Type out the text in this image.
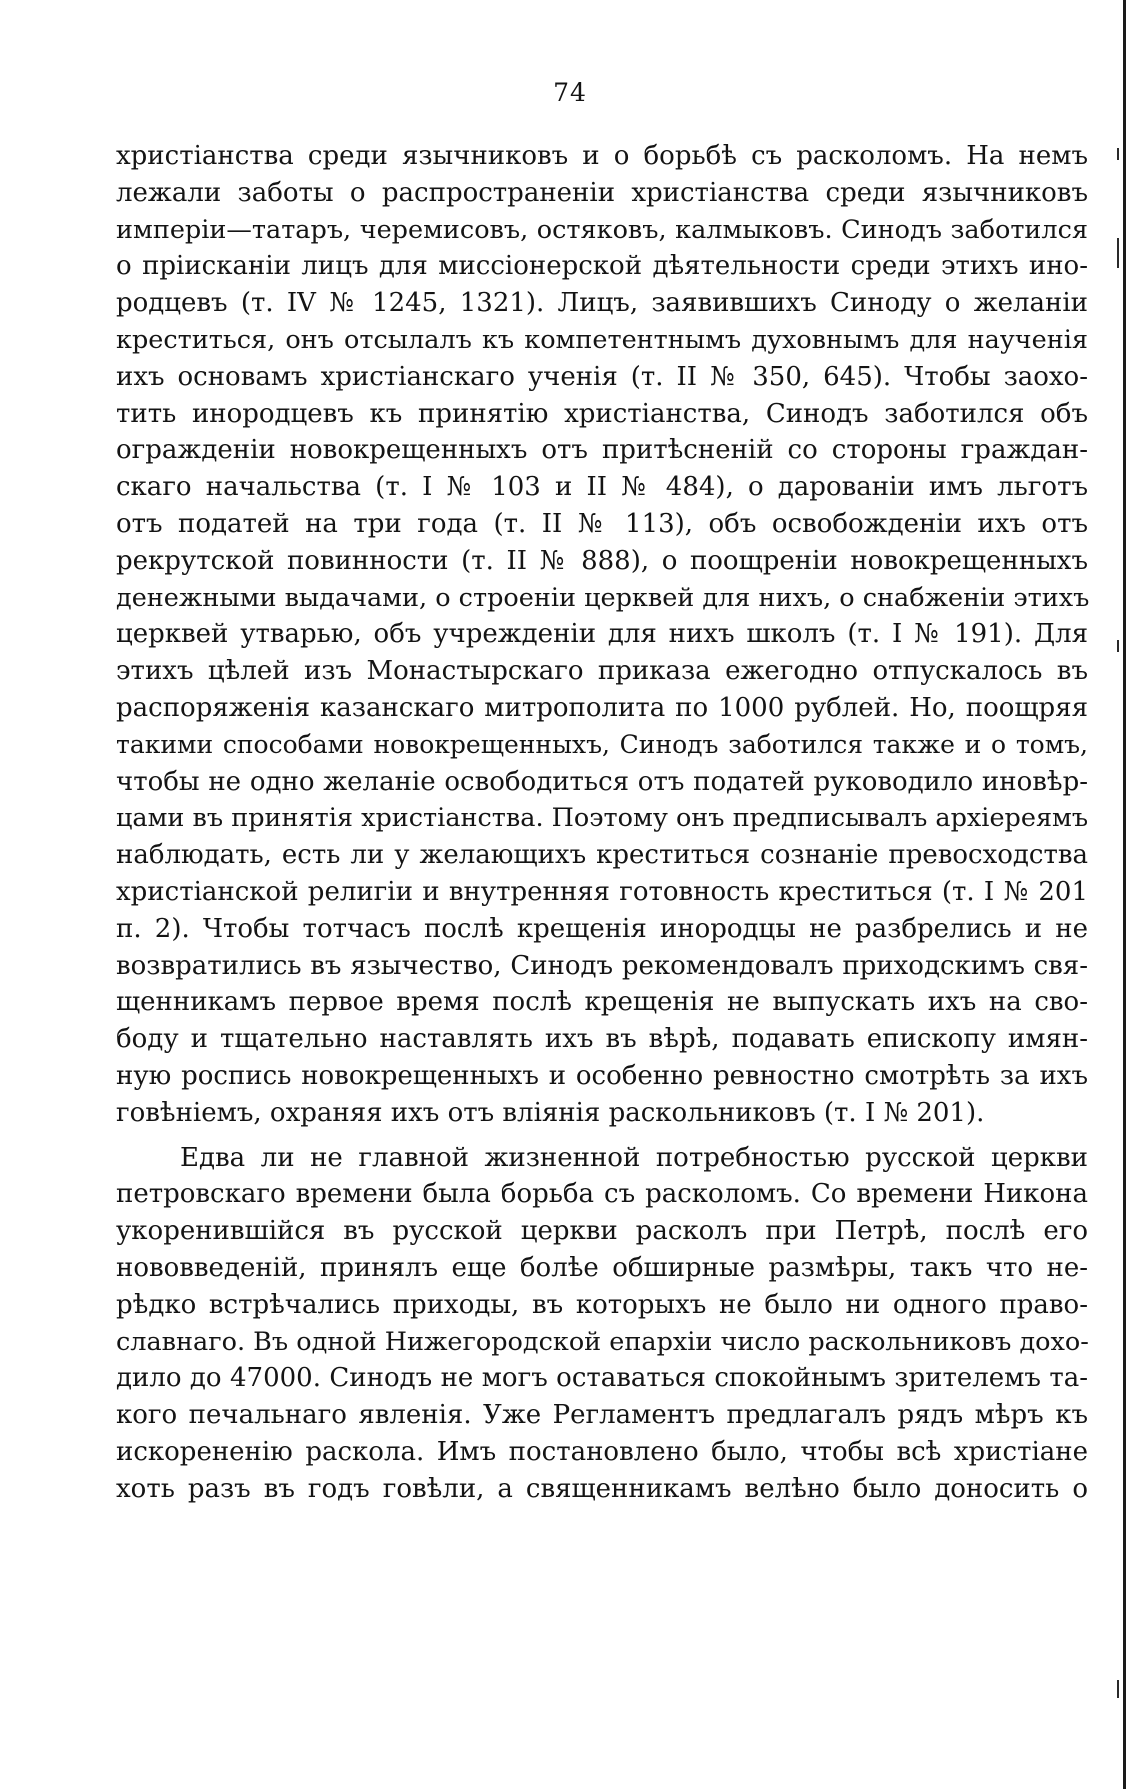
74
христіанства среди язычниковъ и о борьбѣ съ расколомъ. На немъ
лежали заботы о распространеніи христіанства среди язычниковъ
имперіи—татаръ, черемисовъ, остяковъ, калмыковъ. Синодъ заботился
о пріисканіи лицъ для миссіонерской дѣятельности среди этихъ ино-
родцевъ (т. IV № 1245, 1321). Лицъ, заявившихъ Синоду о желаніи
креститься, онъ отсылалъ къ компетентнымъ духовнымъ для наученія
ихъ основамъ христіанскаго ученія (т. II № 350, 645). Чтобы заохо-
тить инородцевъ къ принятію христіанства, Синодъ заботился объ
огражденіи новокрещенныхъ отъ притѣсненій со стороны граждан-
скаго начальства (т. I № 103 и II № 484), о дарованіи имъ льготъ
отъ податей на три года (т. II № 113), объ освобожденіи ихъ отъ
рекрутской повинности (т. II № 888), о поощреніи новокрещенныхъ
денежными выдачами, о строеніи церквей для нихъ, о снабженіи этихъ
церквей утварью, объ учрежденіи для нихъ школъ (т. I № 191). Для
этихъ цѣлей изъ Монастырскаго приказа ежегодно отпускалось въ
распоряженія казанскаго митрополита по 1000 рублей. Но, поощряя
такими способами новокрещенныхъ, Синодъ заботился также и о томъ,
чтобы не одно желаніе освободиться отъ податей руководило иновѣр-
цами въ принятія христіанства. Поэтому онъ предписывалъ архіереямъ
наблюдать, есть ли у желающихъ креститься сознаніе превосходства
христіанской религіи и внутренняя готовность креститься (т. I № 201
п. 2). Чтобы тотчасъ послѣ крещенія инородцы не разбрелись и не
возвратились въ язычество, Синодъ рекомендовалъ приходскимъ свя-
щенникамъ первое время послѣ крещенія не выпускать ихъ на сво-
боду и тщательно наставлять ихъ въ вѣрѣ, подавать епископу имян-
ную роспись новокрещенныхъ и особенно ревностно смотрѣть за ихъ
говѣніемъ, охраняя ихъ отъ вліянія раскольниковъ (т. I № 201).
Едва ли не главной жизненной потребностью русской церкви
петровскаго времени была борьба съ расколомъ. Со времени Никона
укоренившійся въ русской церкви расколъ при Петрѣ, послѣ его
нововведеній, принялъ еще болѣе обширные размѣры, такъ что не-
рѣдко встрѣчались приходы, въ которыхъ не было ни одного право-
славнаго. Въ одной Нижегородской епархіи число раскольниковъ дохо-
дило до 47000. Синодъ не могъ оставаться спокойнымъ зрителемъ та-
кого печальнаго явленія. Уже Регламентъ предлагалъ рядъ мѣръ къ
искорененію раскола. Имъ постановлено было, чтобы всѣ христіане
хоть разъ въ годъ говѣли, а священникамъ велѣно было доносить о
